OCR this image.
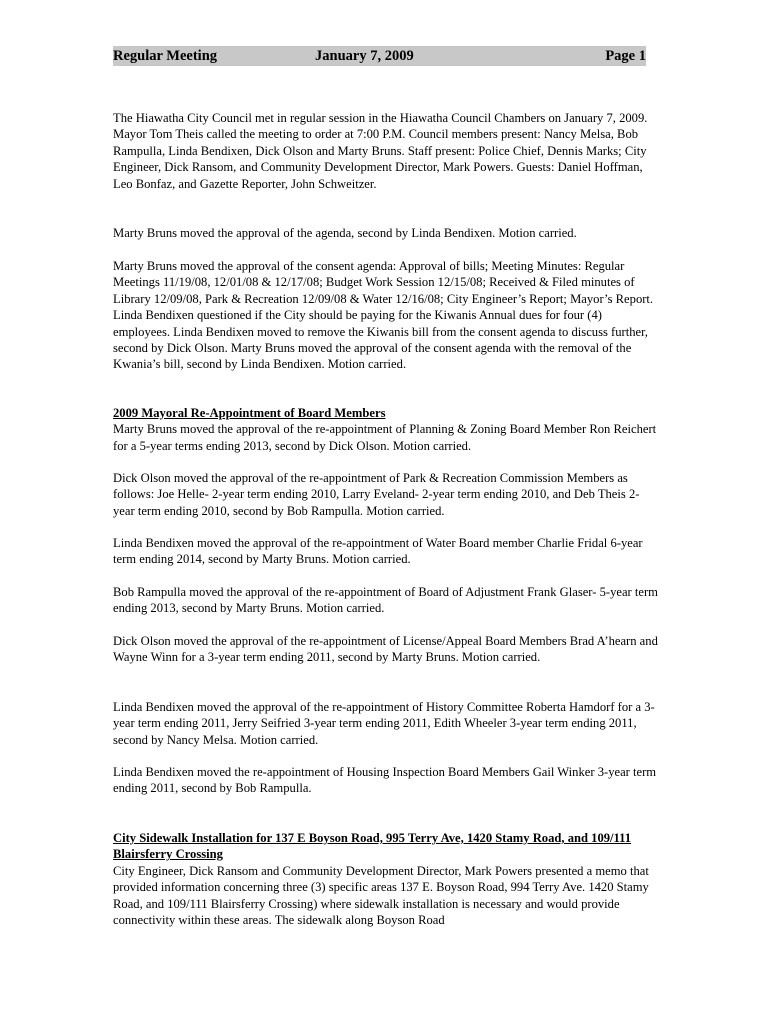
Regular Meeting	January 7, 2009	Page 1

The Hiawatha City Council met in regular session in the Hiawatha Council Chambers on January 7, 2009. Mayor Tom Theis called the meeting to order at 7:00 P.M. Council members present: Nancy Melsa, Bob Rampulla, Linda Bendixen, Dick Olson and Marty Bruns. Staff present: Police Chief, Dennis Marks; City Engineer, Dick Ransom, and Community Development Director, Mark Powers. Guests: Daniel Hoffman, Leo Bonfaz, and Gazette Reporter, John Schweitzer.

Marty Bruns moved the approval of the agenda, second by Linda Bendixen. Motion carried.

Marty Bruns moved the approval of the consent agenda: Approval of bills; Meeting Minutes: Regular Meetings 11/19/08, 12/01/08 & 12/17/08; Budget Work Session 12/15/08; Received & Filed minutes of Library 12/09/08, Park & Recreation 12/09/08 & Water 12/16/08; City Engineer’s Report; Mayor’s Report. Linda Bendixen questioned if the City should be paying for the Kiwanis Annual dues for four (4) employees. Linda Bendixen moved to remove the Kiwanis bill from the consent agenda to discuss further, second by Dick Olson. Marty Bruns moved the approval of the consent agenda with the removal of the Kwania’s bill, second by Linda Bendixen. Motion carried.

2009 Mayoral Re-Appointment of Board Members

Marty Bruns moved the approval of the re-appointment of Planning & Zoning Board Member Ron Reichert for a 5-year terms ending 2013, second by Dick Olson. Motion carried.

Dick Olson moved the approval of the re-appointment of Park & Recreation Commission Members as follows: Joe Helle- 2-year term ending 2010, Larry Eveland- 2-year term ending 2010, and Deb Theis 2-year term ending 2010, second by Bob Rampulla. Motion carried.

Linda Bendixen moved the approval of the re-appointment of Water Board member Charlie Fridal 6-year term ending 2014, second by Marty Bruns. Motion carried.

Bob Rampulla moved the approval of the re-appointment of Board of Adjustment Frank Glaser- 5-year term ending 2013, second by Marty Bruns. Motion carried.

Dick Olson moved the approval of the re-appointment of License/Appeal Board Members Brad A’hearn and Wayne Winn for a 3-year term ending 2011, second by Marty Bruns. Motion carried.

Linda Bendixen moved the approval of the re-appointment of History Committee Roberta Hamdorf for a 3-year term ending 2011, Jerry Seifried 3-year term ending 2011, Edith Wheeler 3-year term ending 2011, second by Nancy Melsa. Motion carried.

Linda Bendixen moved the re-appointment of Housing Inspection Board Members Gail Winker 3-year term ending 2011, second by Bob Rampulla.

City Sidewalk Installation for 137 E Boyson Road, 995 Terry Ave, 1420 Stamy Road, and 109/111 Blairsferry Crossing

City Engineer, Dick Ransom and Community Development Director, Mark Powers presented a memo that provided information concerning three (3) specific areas 137 E. Boyson Road, 994 Terry Ave. 1420 Stamy Road, and 109/111 Blairsferry Crossing) where sidewalk installation is necessary and would provide connectivity within these areas. The sidewalk along Boyson Road
